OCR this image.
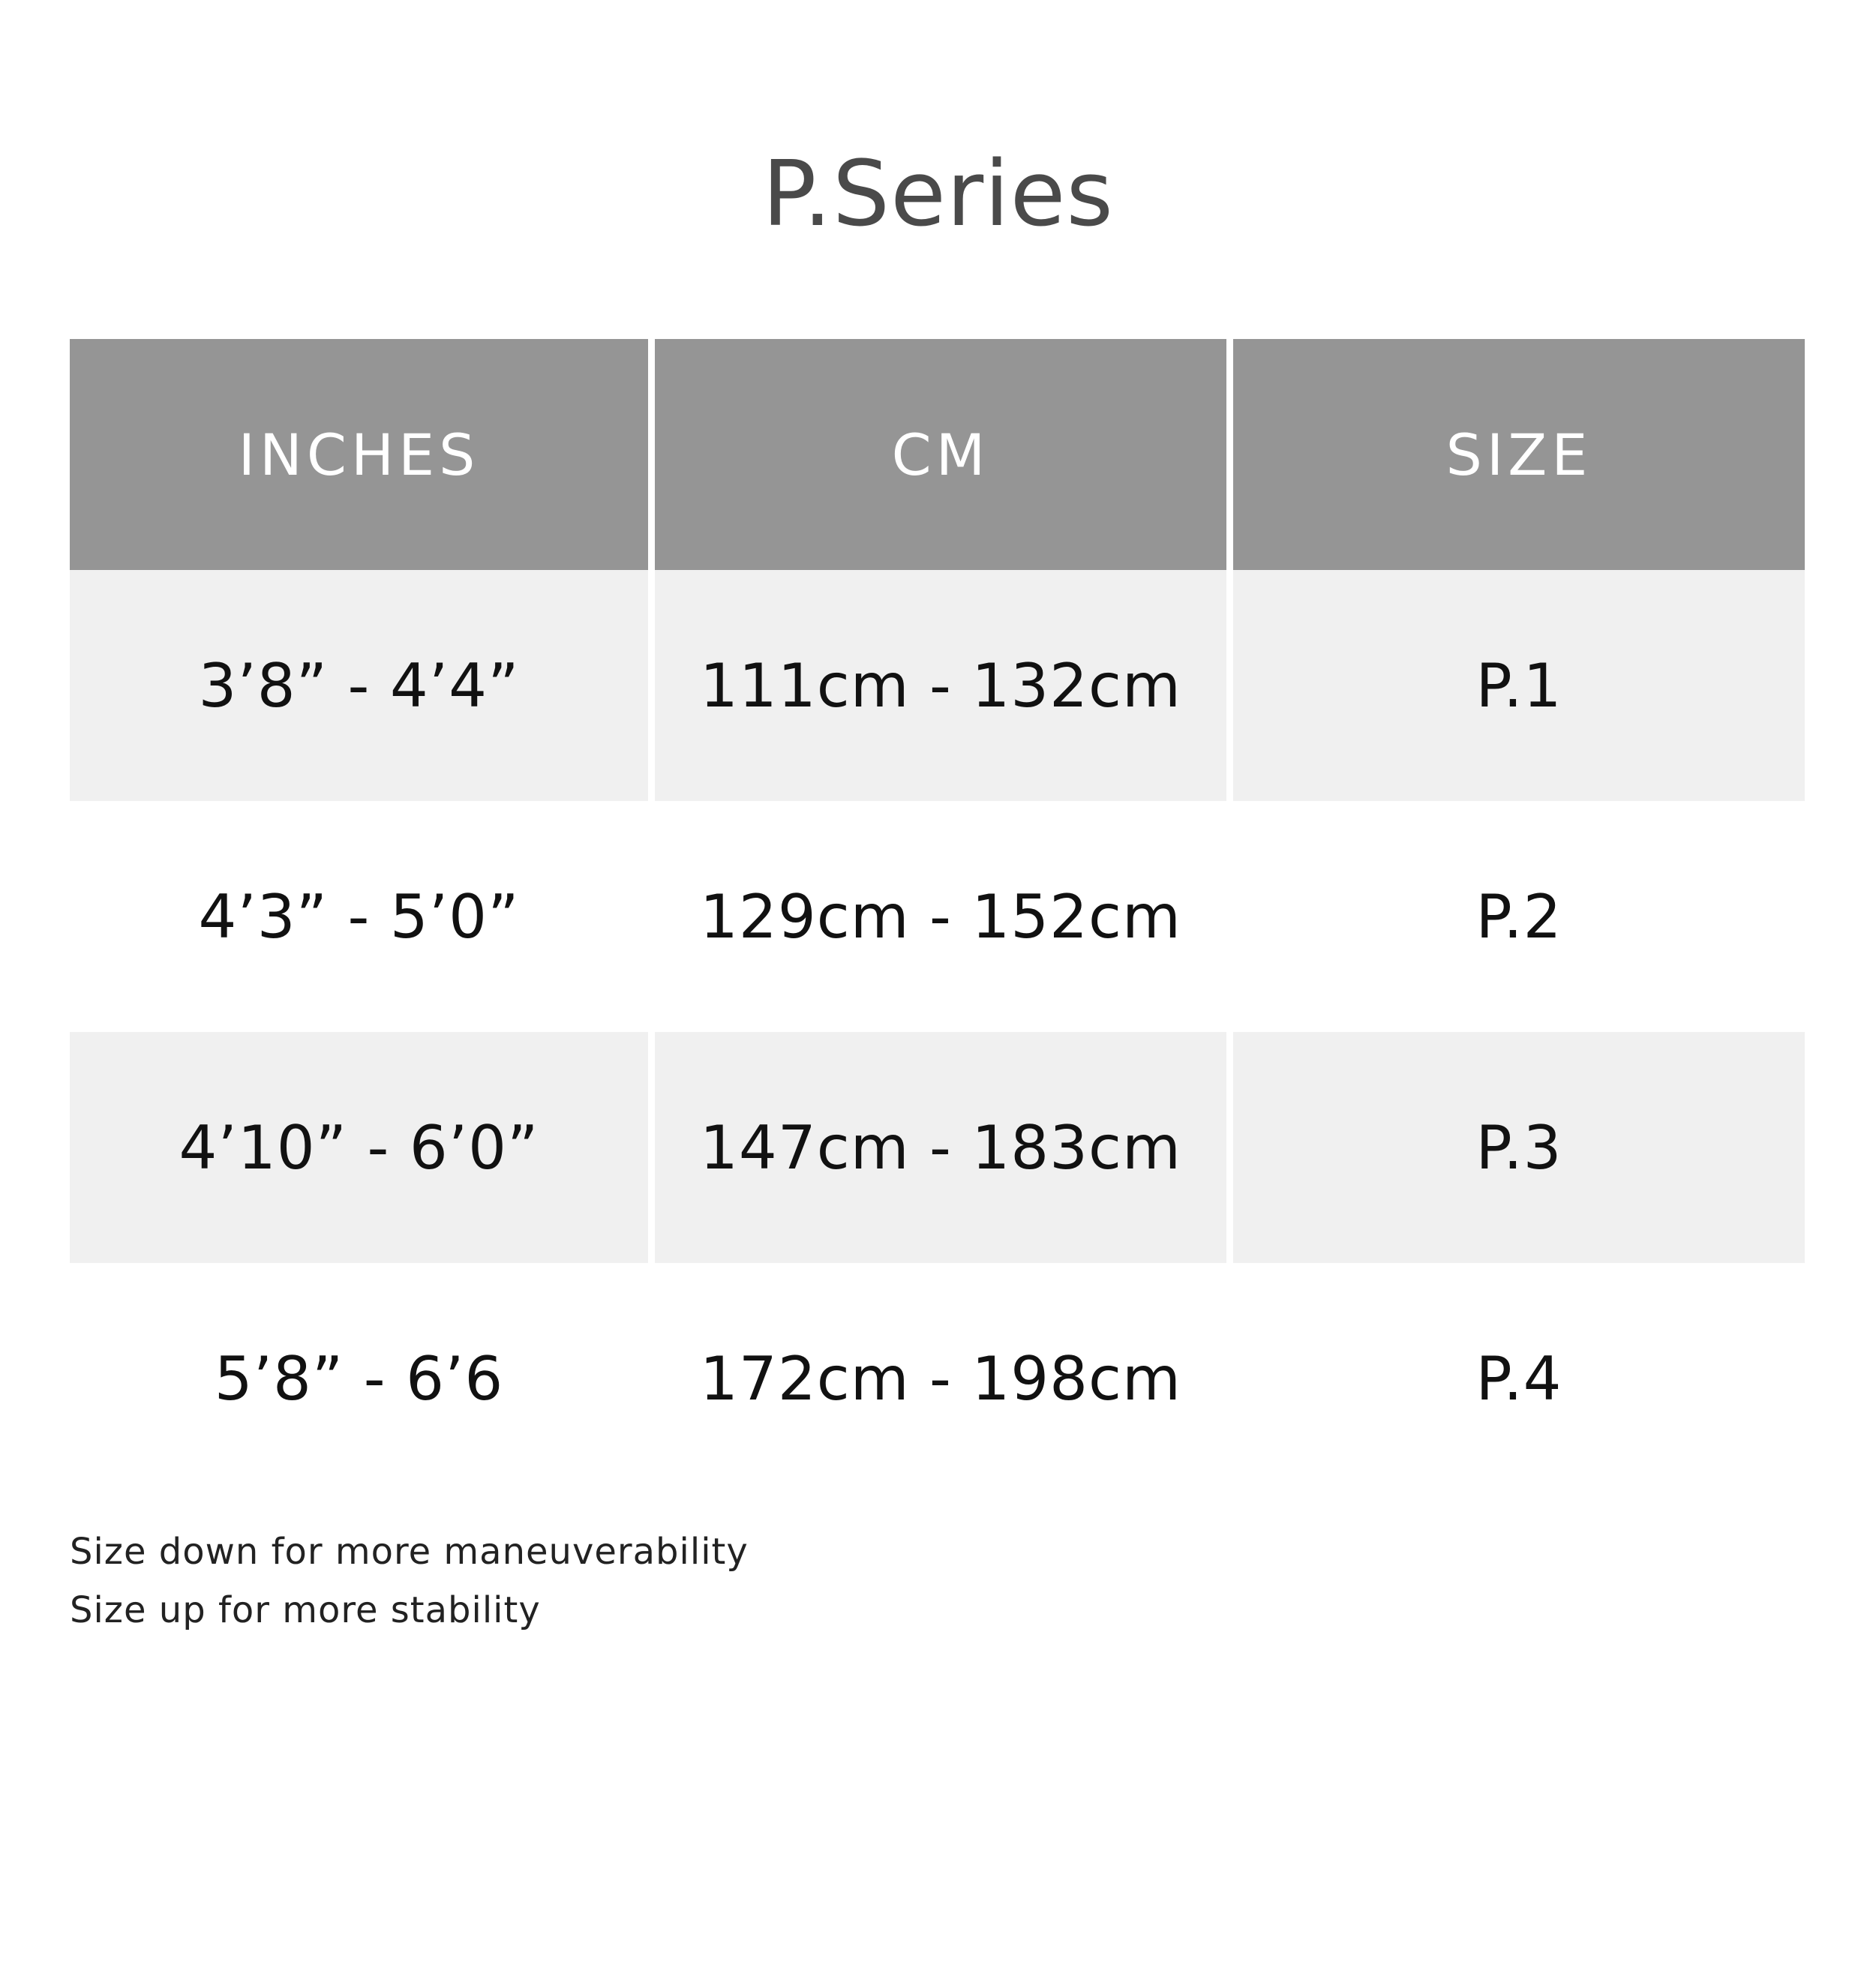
P.Series
INCHES	CM	SIZE
3’8” - 4’4”	111cm - 132cm	P.1
4’3” - 5’0”	129cm - 152cm	P.2
4’10” - 6’0”	147cm - 183cm	P.3
5’8” - 6’6	172cm - 198cm	P.4
Size down for more maneuverability
Size up for more stability
